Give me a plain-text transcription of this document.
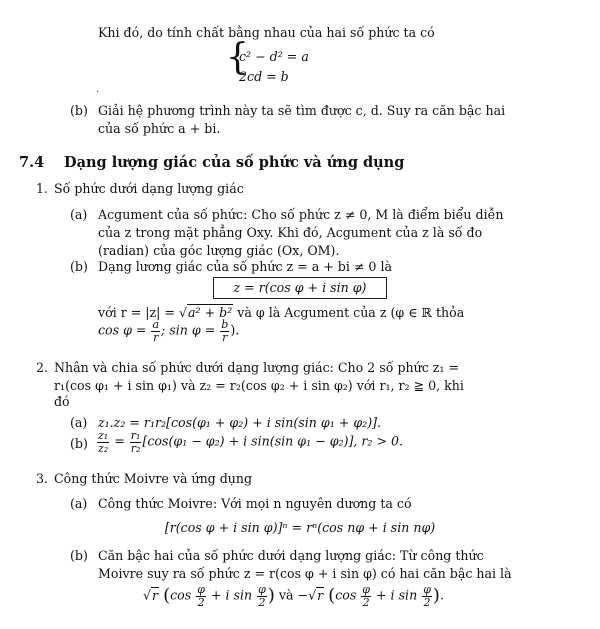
Khi đó, do tính chất bằng nhau của hai số phức ta có
{
c² − d² = a
2cd = b
.
(b) Giải hệ phương trình này ta sẽ tìm được c, d. Suy ra căn bậc hai
của số phức a + bi.
7.4 Dạng lượng giác của số phức và ứng dụng
1. Số phức dưới dạng lượng giác
(a) Acgument của số phức: Cho số phức z ≠ 0, M là điểm biểu diễn
của z trong mặt phẳng Oxy. Khi đó, Acgument của z là số đo
(radian) của góc lượng giác (Ox, OM).
(b) Dạng lương giác của số phức z = a + bi ≠ 0 là
z = r(cos φ + i sin φ)
với r = |z| = √a² + b² và φ là Acgument của z (φ ∈ ℝ thỏa
$\cos \varphi = \frac{a}{r}$ ; $\sin \varphi = \frac{b}{r}$ ).
2. Nhân và chia số phức dưới dạng lượng giác: Cho 2 số phức z₁ =
r₁(cos φ₁ + i sin φ₁) và z₂ = r₂(cos φ₂ + i sin φ₂) với r₁, r₂ ≧ 0, khi
đó
(a) z₁.z₂ = r₁r₂[cos(φ₁ + φ₂) + i sin(sin φ₁ + φ₂)].
$(b) \frac{\text{z₁}}{\text{z₂}} = \frac{\text{r₁}}{\text{r₂}} [\cos(\varphi_1 - \varphi_2) + i$ sin(sin φ₁ − φ₂)], r₂ > 0.
3. Công thức Moivre và ứng dụng
(a) Công thức Moivre: Với mọi n nguyên dương ta có
[r(cos φ + i sin φ)]ⁿ = rⁿ(cos nφ + i sin nφ)
(b) Căn bậc hai của số phức dưới dạng lượng giác: Từ công thức
Moivre suy ra số phức z = r(cos φ + i sin φ) có hai căn bậc hai là
√r ($\cos \frac{\varphi}{2} + i$ $\sin \frac{\varphi}{2}$ ) và −√r ($\cos \frac{\varphi}{2} + i$ $\sin \frac{\varphi}{2}$ ).
